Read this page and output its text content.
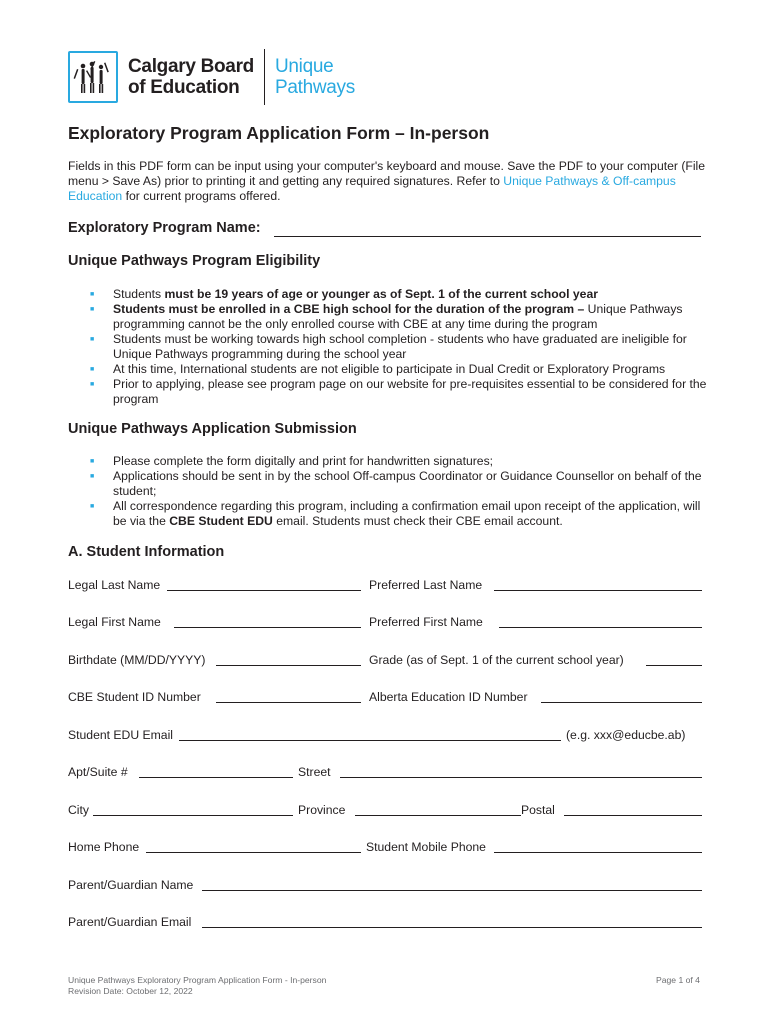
Calgary Board
of Education
Unique
Pathways
Exploratory Program Application Form – In-person

Fields in this PDF form can be input using your computer's keyboard and mouse. Save the PDF to your computer (File menu > Save As) prior to printing it and getting any required signatures. Refer to Unique Pathways & Off-campus Education for current programs offered.

Exploratory Program Name:
Unique Pathways Program Eligibility
■ Students must be 19 years of age or younger as of Sept. 1 of the current school year
■ Students must be enrolled in a CBE high school for the duration of the program – Unique Pathways programming cannot be the only enrolled course with CBE at any time during the program
■ Students must be working towards high school completion - students who have graduated are ineligible for Unique Pathways programming during the school year
■ At this time, International students are not eligible to participate in Dual Credit or Exploratory Programs
■ Prior to applying, please see program page on our website for pre-requisites essential to be considered for the program
Unique Pathways Application Submission
■ Please complete the form digitally and print for handwritten signatures;
■ Applications should be sent in by the school Off-campus Coordinator or Guidance Counsellor on behalf of the student;
■ All correspondence regarding this program, including a confirmation email upon receipt of the application, will be via the CBE Student EDU email. Students must check their CBE email account.
A. Student Information
Legal Last Name	Preferred Last Name
Legal First Name	Preferred First Name
Birthdate (MM/DD/YYYY)	Grade (as of Sept. 1 of the current school year)
CBE Student ID Number	Alberta Education ID Number
Student EDU Email	(e.g. xxx@educbe.ab)
Apt/Suite #	Street
City	Province	Postal
Home Phone	Student Mobile Phone
Parent/Guardian Name
Parent/Guardian Email
Unique Pathways Exploratory Program Application Form - In-person
Revision Date: October 12, 2022
Page 1 of 4
